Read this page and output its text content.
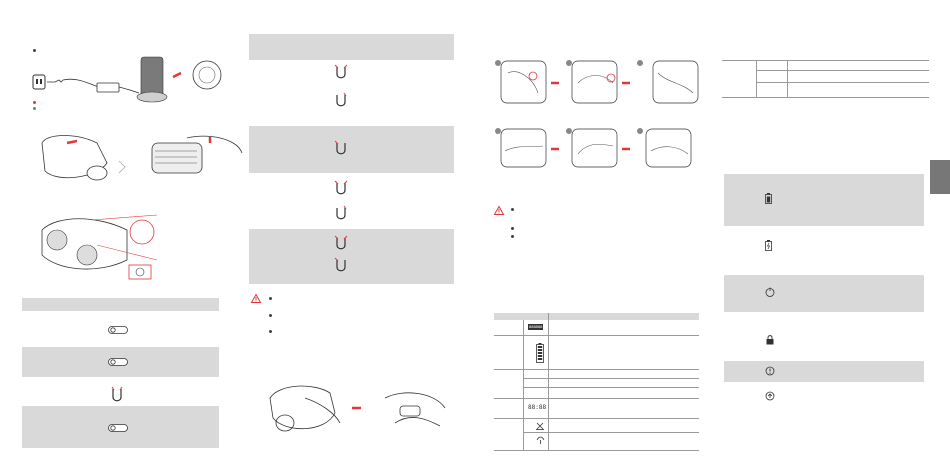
888888
88:88
